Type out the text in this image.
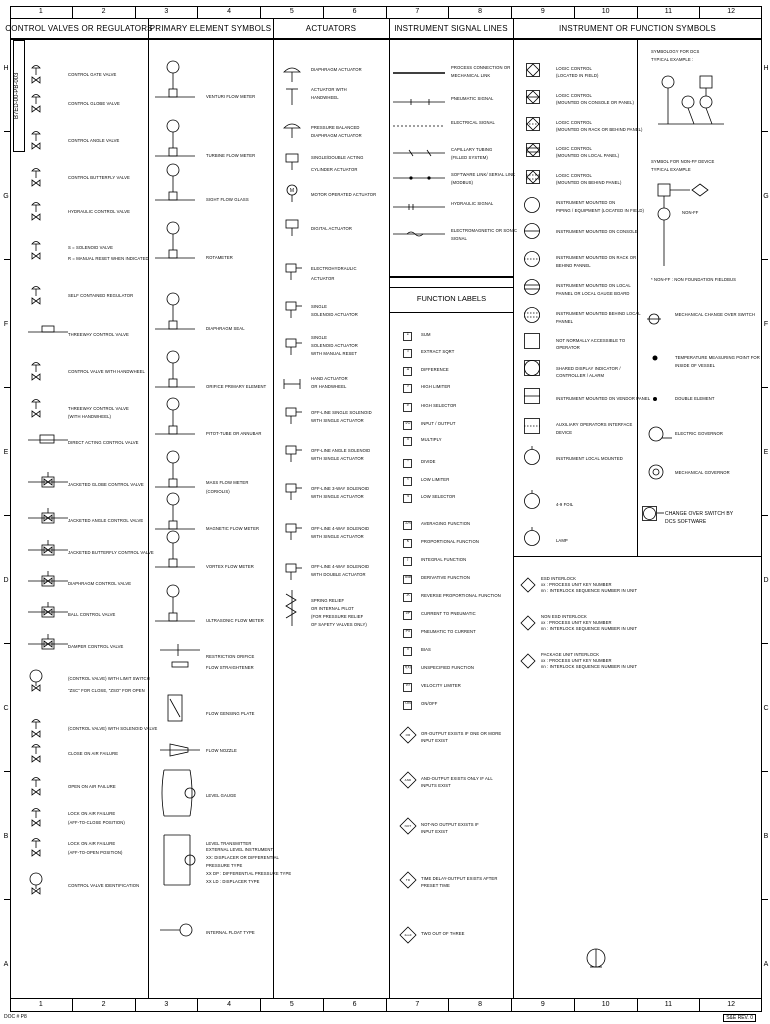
1	2	3	4	5	6	7	8	9	10	11	12
1	2	3	4	5	6	7	8	9	10	11	12
H	H
G	G
F	F
E	E
D	D
C	C
B	B
A	A
B7ED-00-PB-003
CONTROL VALVES OR REGULATORS
PRIMARY ELEMENT SYMBOLS	ACTUATORS	INSTRUMENT SIGNAL LINES	INSTRUMENT OR FUNCTION SYMBOLS
FUNCTION LABELS
CONTROL GATE VALVE
CONTROL GLOBE VALVE
CONTROL ANGLE VALVE
CONTROL BUTTERFLY VALVE
HYDRAULIC CONTROL VALVE
S = SOLENOID VALVE
R = MANUAL RESET WHEN INDICATED
SELF CONTAINED REGULATOR
THREEWAY CONTROL VALVE
CONTROL VALVE WITH HANDWHEEL
THREEWAY CONTROL VALVE
(WITH HANDWHEEL)
DIRECT ACTING CONTROL VALVE
JACKETED GLOBE CONTROL VALVE
JACKETED ANGLE CONTROL VALVE
JACKETED BUTTERFLY CONTROL VALVE
DIAPHRAGM CONTROL VALVE
BALL CONTROL VALVE
DAMPER CONTROL VALVE
(CONTROL VALVE) WITH LIMIT SWITCH
"ZSC" FOR CLOSE, "ZSO" FOR OPEN
(CONTROL VALVE) WITH SOLENOID VALVE
CLOSE ON AIR FAILURE
OPEN ON AIR FAILURE
LOCK ON AIR FAILURE
(AFF-TO-CLOSE POSITION)
LOCK ON AIR FAILURE
(AFF-TO-OPEN POSITION)
CONTROL VALVE IDENTIFICATION
VENTURI FLOW METER
TURBINE FLOW METER
SIGHT FLOW GLASS
ROTAMETER
DIAPHRAGM SEAL
ORIFICE PRIMARY ELEMENT
PITOT-TUBE OR ANNUBAR
MASS FLOW METER
(CORIOLIS)
MAGNETIC FLOW METER
VORTEX FLOW METER
ULTRASONIC FLOW METER
RESTRICTION ORIFICE
FLOW STRAIGHTENER
FLOW GENSING PLATE
FLOW NOZZLE
LEVEL GAUGE
LEVEL TRANSMITTER
EXTERNAL LEVEL INSTRUMENT
XX: DISPLACER OR DIFFERENTIAL
PRESSURE TYPE
XX DP : DIFFERENTIAL PRESSURE TYPE
XX LD : DISPLACER TYPE
INTERNAL FLOAT TYPE
DIAPHRAGM ACTUATOR
ACTUATOR WITH
HANDWHEEL
PRESSURE BALANCED
DIAPHRAGM ACTUATOR
SINGLE/DOUBLE ACTING
CYLINDER ACTUATOR
MOTOR OPERATED ACTUATOR
DIGITAL ACTUATOR
ELECTROHYDRAULIC
ACTUATOR
SINGLE
SOLENOID ACTUATOR
SINGLE
SOLENOID ACTUATOR
WITH MANUAL RESET
HAND ACTUATOR
OR HANDWHEEL
OFF-LINE SINGLE SOLENOID
WITH SINGLE ACTUATOR
OFF-LINE ANGLE SOLENOID
WITH SINGLE ACTUATOR
OFF-LINE 3-WAY SOLENOID
WITH SINGLE ACTUATOR
OFF-LINE 4-WAY SOLENOID
WITH SINGLE ACTUATOR
OFF-LINE 4-WAY SOLENOID
WITH DOUBLE ACTUATOR
SPRING RELIEF
OR INTERNAL PILOT
(FOR PRESSURE RELIEF
OF SAFETY VALVES ONLY)
M
PROCESS CONNECTION OR
MECHANICAL LINK
PNEUMATIC SIGNAL
ELECTRICAL SIGNAL
CAPILLARY TUBING
(FILLED SYSTEM)
SOFTWARE LINK/ SERIAL LINK
(MODBUS)
HYDRAULIC SIGNAL
ELECTROMAGNETIC OR SONIC
SIGNAL
Σ	SUM
√	EXTRACT SQRT
Δ	DIFFERENCE
>	HIGH LIMITER
⋗	HIGH SELECTOR
I/O	INPUT / OUTPUT
X	MULTIPLY
÷	DIVIDE
<	LOW LIMITER
⋖	LOW SELECTOR
Σ/n AVERAGING FUNCTION
K	PROPORTIONAL FUNCTION
∫	INTEGRAL FUNCTION
d/dt DERIVATIVE FUNCTION
-K	REVERSE PROPORTIONAL FUNCTION
I/P	CURRENT TO PNEUMATIC
P/I	PNEUMATIC TO CURRENT
±	BIAS
f(x) UNSPECIFIED FUNCTION
V>	VELOCITY LIMITER
ON ON/OFF
OR	OR-OUTPUT EXISTS IF ONE OR MORE
INPUT EXIST
AND	AND-OUTPUT EXISTS ONLY IF ALL
INPUTS EXIST
NOT	NOT-NO OUTPUT EXISTS IF
INPUT EXIST
TD	TIME DELAY-OUTPUT EXISTS AFTER
PRESET TIME
2oo3	TWO OUT OF THREE
LOGIC CONTROL
(LOCATED IN FIELD)
LOGIC CONTROL
(MOUNTED ON CONSOLE OR PANEL)
LOGIC CONTROL
(MOUNTED ON RACK OR BEHIND PANEL)
LOGIC CONTROL
(MOUNTED ON LOCAL PANEL)
LOGIC CONTROL
(MOUNTED ON BEHIND PANEL)
INSTRUMENT MOUNTED ON
PIPING / EQUIPMENT (LOCATED IN FIELD)
INSTRUMENT MOUNTED ON CONSOLE
INSTRUMENT MOUNTED ON RACK OR
BEHIND PANNEL
INSTRUMENT MOUNTED ON LOCAL
PANNEL OR LOCAL GAUGE BOARD
INSTRUMENT MOUNTED BEHIND LOCAL
PANNEL
NOT NORMALLY ACCESSIBLE TO
OPERATOR
SHARED DISPLAY INDICATOR /
CONTROLLER / ALARM
INSTRUMENT MOUNTED ON VENDOR PANEL
AUXILIARY OPERATORS INTERFACE
DEVICE
INSTRUMENT LOCAL MOUNTED
4-9 FOIL
LAMP
SYMBOLOGY FOR DCS
TYPICAL EXAMPLE :
SYMBOL FOR NON-FF DEVICE
TYPICAL EXAMPLE
* NON-FF : NON FOUNDATION FIELDBUS
MECHANICAL CHANGE OVER SWITCH
TEMPERATURE MEASURING POINT FOR
INSIDE OF VESSEL
DOUBLE ELEMENT
ELECTRIC GOVERNOR
MECHANICAL GOVERNOR
CHANGE OVER SWITCH BY
DCS SOFTWARE
NON-FF
ESD INTERLOCK
xx : PROCESS UNIT KEY NUMBER
nn : INTERLOCK SEQUENCE NUMBER IN UNIT
NON ESD INTERLOCK
xx : PROCESS UNIT KEY NUMBER
nn : INTERLOCK SEQUENCE NUMBER IN UNIT
PACKAGE UNIT INTERLOCK
xx : PROCESS UNIT KEY NUMBER
nn : INTERLOCK SEQUENCE NUMBER IN UNIT
DOC # P8	S&E REV. 0
